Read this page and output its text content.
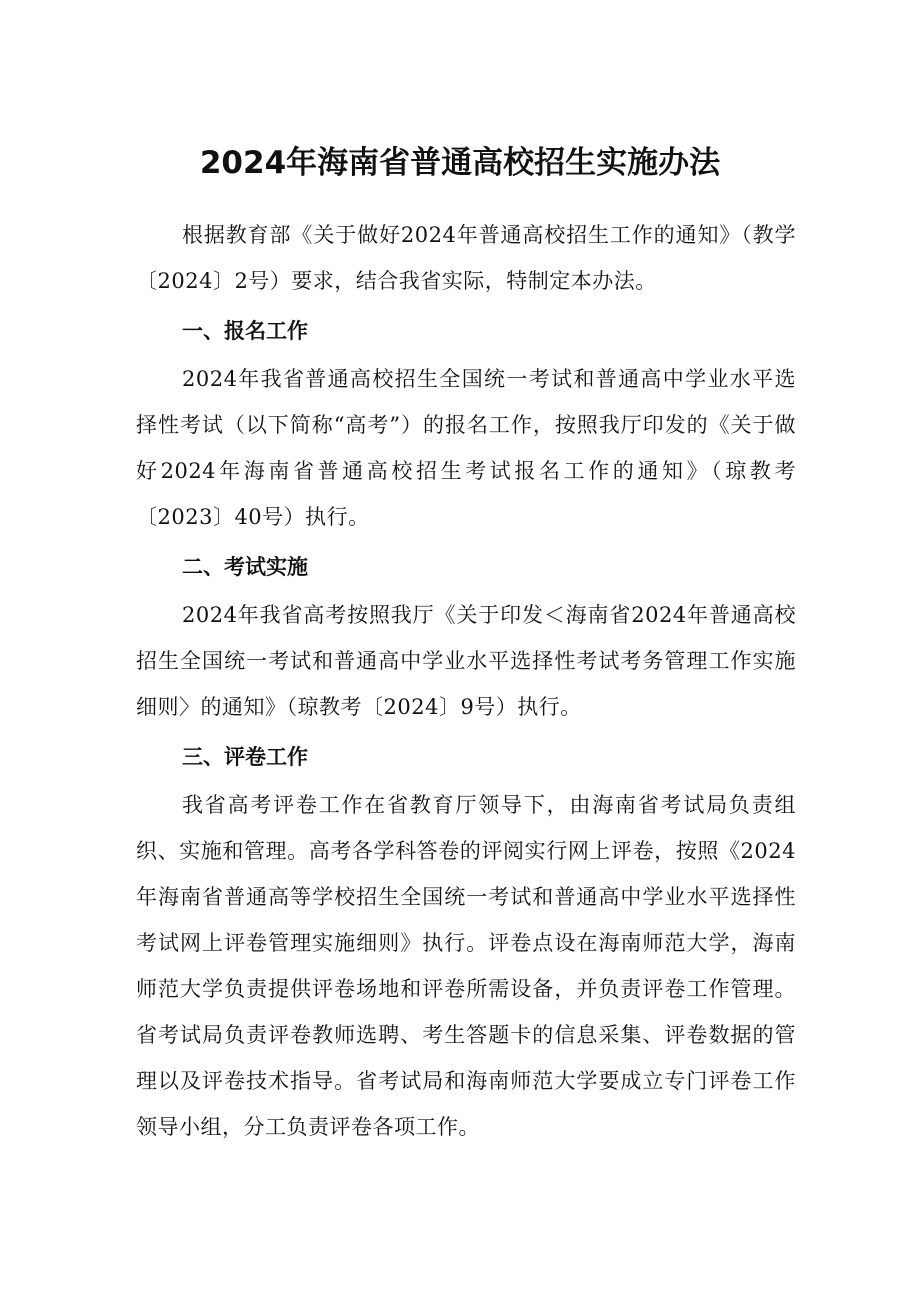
2024年海南省普通高校招生实施办法

根据教育部《关于做好2024年普通高校招生工作的通知》（教学〔2024〕2号）要求，结合我省实际，特制定本办法。

一、报名工作

2024年我省普通高校招生全国统一考试和普通高中学业水平选择性考试（以下简称“高考”）的报名工作，按照我厅印发的《关于做好2024年海南省普通高校招生考试报名工作的通知》（琼教考〔2023〕40号）执行。

二、考试实施

2024年我省高考按照我厅《关于印发＜海南省2024年普通高校招生全国统一考试和普通高中学业水平选择性考试考务管理工作实施细则〉的通知》（琼教考〔2024〕9号）执行。

三、评卷工作

我省高考评卷工作在省教育厅领导下，由海南省考试局负责组织、实施和管理。高考各学科答卷的评阅实行网上评卷，按照《2024年海南省普通高等学校招生全国统一考试和普通高中学业水平选择性考试网上评卷管理实施细则》执行。评卷点设在海南师范大学，海南师范大学负责提供评卷场地和评卷所需设备，并负责评卷工作管理。省考试局负责评卷教师选聘、考生答题卡的信息采集、评卷数据的管理以及评卷技术指导。省考试局和海南师范大学要成立专门评卷工作领导小组，分工负责评卷各项工作。
